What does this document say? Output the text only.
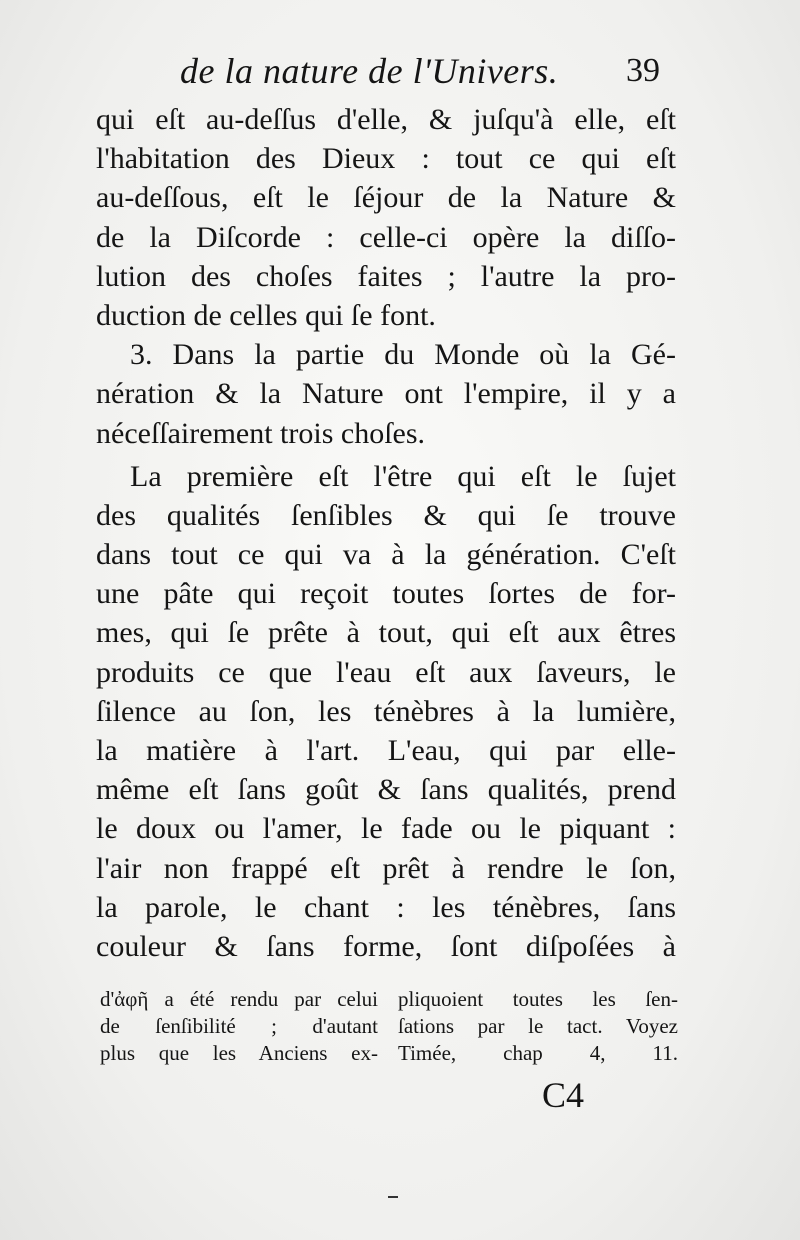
de la nature de l'Univers. 39
qui eſt au-deſſus d'elle, & juſqu'à elle, eſt
l'habitation des Dieux : tout ce qui eſt
au-deſſous, eſt le ſéjour de la Nature &
de la Diſcorde : celle-ci opère la diſſo-
lution des choſes faites ; l'autre la pro-
duction de celles qui ſe font.
3. Dans la partie du Monde où la Gé-
nération & la Nature ont l'empire, il y a
néceſſairement trois choſes.
La première eſt l'être qui eſt le ſujet
des qualités ſenſibles & qui ſe trouve
dans tout ce qui va à la génération. C'eſt
une pâte qui reçoit toutes ſortes de for-
mes, qui ſe prête à tout, qui eſt aux êtres
produits ce que l'eau eſt aux ſaveurs, le
ſilence au ſon, les ténèbres à la lumière,
la matière à l'art. L'eau, qui par elle-
même eſt ſans goût & ſans qualités, prend
le doux ou l'amer, le fade ou le piquant :
l'air non frappé eſt prêt à rendre le ſon,
la parole, le chant : les ténèbres, ſans
couleur & ſans forme, ſont diſpoſées à
d'ἀφῆ a été rendu par celui
de ſenſibilité ; d'autant
plus que les Anciens ex-
pliquoient toutes les ſen-
ſations par le tact. Voyez
Timée, chap 4, 11.
C4
